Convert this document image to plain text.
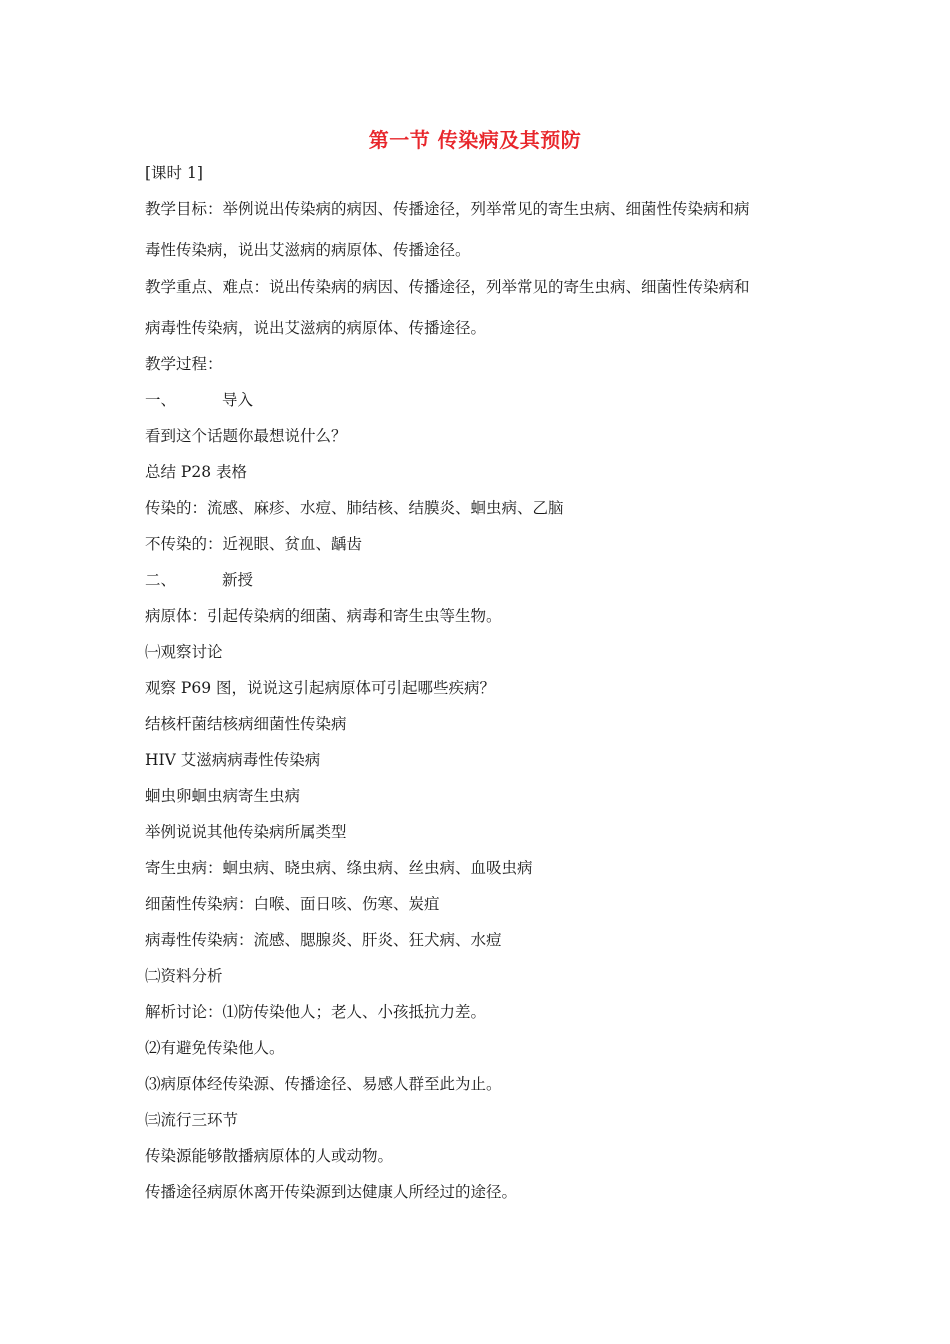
第一节 传染病及其预防
[课时 1]
教学目标：举例说出传染病的病因、传播途径，列举常见的寄生虫病、细菌性传染病和病
毒性传染病，说出艾滋病的病原体、传播途径。
教学重点、难点：说出传染病的病因、传播途径，列举常见的寄生虫病、细菌性传染病和
病毒性传染病，说出艾滋病的病原体、传播途径。
教学过程：
一、	导入
看到这个话题你最想说什么？
总结 P28 表格
传染的：流感、麻疹、水痘、肺结核、结膜炎、蛔虫病、乙脑
不传染的：近视眼、贫血、龋齿
二、	新授
病原体：引起传染病的细菌、病毒和寄生虫等生物。
㈠观察讨论
观察 P69 图，说说这引起病原体可引起哪些疾病？
结核杆菌结核病细菌性传染病
HIV 艾滋病病毒性传染病
蛔虫卵蛔虫病寄生虫病
举例说说其他传染病所属类型
寄生虫病：蛔虫病、晓虫病、绦虫病、丝虫病、血吸虫病
细菌性传染病：白喉、面日咳、伤寒、炭疽
病毒性传染病：流感、腮腺炎、肝炎、狂犬病、水痘
㈡资料分析
解析讨论：⑴防传染他人；老人、小孩抵抗力差。
⑵有避免传染他人。
⑶病原体经传染源、传播途径、易感人群至此为止。
㈢流行三环节
传染源能够散播病原体的人或动物。
传播途径病原休离开传染源到达健康人所经过的途径。
